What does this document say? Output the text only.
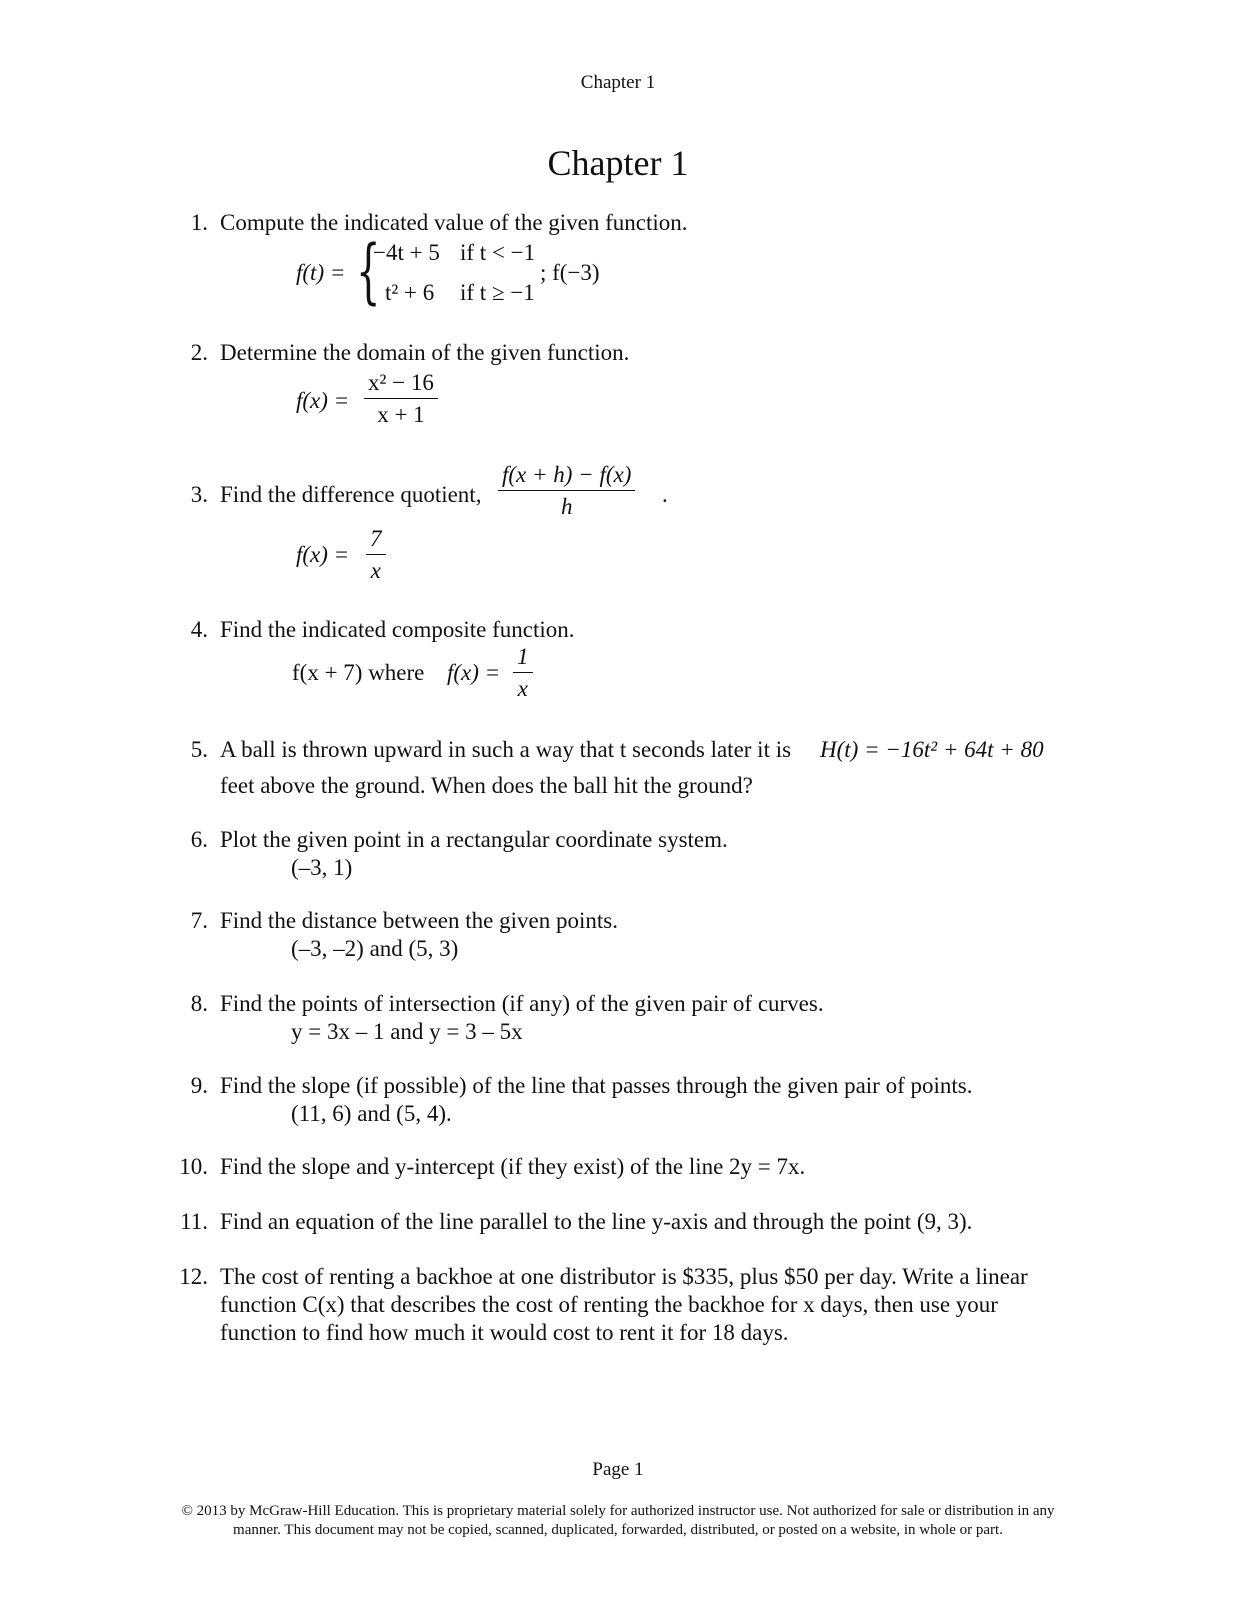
Chapter 1
Chapter 1
1. Compute the indicated value of the given function.
f(t) = {
−4t + 5 if t < −1
t² + 6 if t ≥ −1
; f(−3)
2. Determine the domain of the given function.
$f(x) = \frac{\text{x² − 16}}{x + 1}$
3. Find the difference quotient, $\frac{f(x + h) - f(x)}{h}$ .
$f(x) = \frac{7}{x}$
4. Find the indicated composite function.
f(x + 7) where $f(x) = \frac{1}{x}$
5. A ball is thrown upward in such a way that t seconds later it is H(t) = −16t² + 64t + 80
feet above the ground. When does the ball hit the ground?
6. Plot the given point in a rectangular coordinate system.
(–3, 1)
7. Find the distance between the given points.
(–3, –2) and (5, 3)
8. Find the points of intersection (if any) of the given pair of curves.
y = 3x – 1 and y = 3 – 5x
9. Find the slope (if possible) of the line that passes through the given pair of points.
(11, 6) and (5, 4).
10. Find the slope and y-intercept (if they exist) of the line 2y = 7x.
11. Find an equation of the line parallel to the line y-axis and through the point (9, 3).
12. The cost of renting a backhoe at one distributor is $335, plus $50 per day. Write a linear
function C(x) that describes the cost of renting the backhoe for x days, then use your
function to find how much it would cost to rent it for 18 days.
Page 1
© 2013 by McGraw-Hill Education. This is proprietary material solely for authorized instructor use. Not authorized for sale or distribution in any
manner. This document may not be copied, scanned, duplicated, forwarded, distributed, or posted on a website, in whole or part.
